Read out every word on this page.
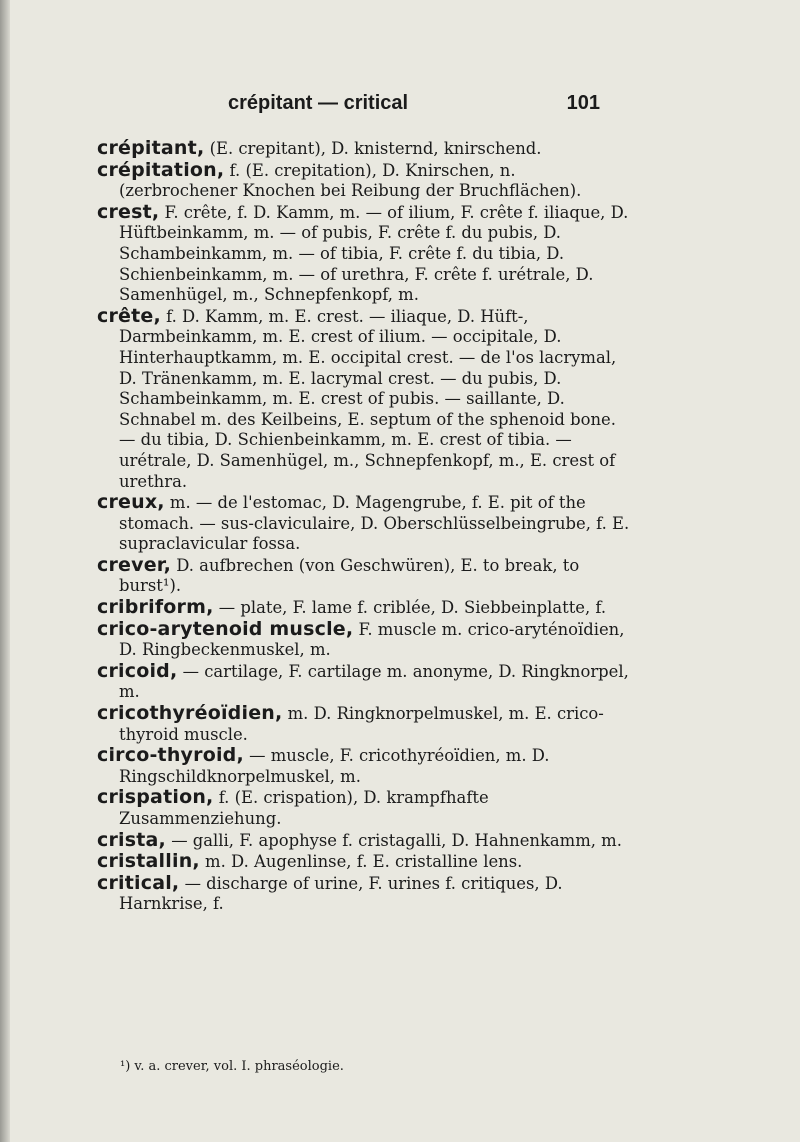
crépitant — critical	101

crépitant, (E. crepitant), D. knisternd, knirschend.

crépitation, f. (E. crepitation), D. Knirschen, n. (zerbrochener Knochen bei Reibung der Bruchflächen).

crest, F. crête, f. D. Kamm, m. — of ilium, F. crête f. iliaque, D. Hüftbeinkamm, m. — of pubis, F. crête f. du pubis, D. Schambeinkamm, m. — of tibia, F. crête f. du tibia, D. Schienbeinkamm, m. — of urethra, F. crête f. urétrale, D. Samenhügel, m., Schnepfenkopf, m.

crête, f. D. Kamm, m. E. crest. — iliaque, D. Hüft-, Darmbeinkamm, m. E. crest of ilium. — occipitale, D. Hinterhauptkamm, m. E. occipital crest. — de l'os lacrymal, D. Tränenkamm, m. E. lacrymal crest. — du pubis, D. Schambeinkamm, m. E. crest of pubis. — saillante, D. Schnabel m. des Keilbeins, E. septum of the sphenoid bone. — du tibia, D. Schienbeinkamm, m. E. crest of tibia. — urétrale, D. Samenhügel, m., Schnepfenkopf, m., E. crest of urethra.

creux, m. — de l'estomac, D. Magengrube, f. E. pit of the stomach. — sus-claviculaire, D. Oberschlüsselbeingrube, f. E. supraclavicular fossa.

crever, D. aufbrechen (von Geschwüren), E. to break, to burst¹).

cribriform, — plate, F. lame f. criblée, D. Siebbeinplatte, f.

crico-arytenoid muscle, F. muscle m. crico-aryténoïdien, D. Ringbeckenmuskel, m.

cricoid, — cartilage, F. cartilage m. anonyme, D. Ringknorpel, m.

cricothyréoïdien, m. D. Ringknorpelmuskel, m. E. crico-thyroid muscle.

circo-thyroid, — muscle, F. cricothyréoïdien, m. D. Ringschildknorpelmuskel, m.

crispation, f. (E. crispation), D. krampfhafte Zusammenziehung.

crista, — galli, F. apophyse f. cristagalli, D. Hahnenkamm, m.

cristallin, m. D. Augenlinse, f. E. cristalline lens.

critical, — discharge of urine, F. urines f. critiques, D. Harnkrise, f.

¹) v. a. crever, vol. I. phraséologie.
